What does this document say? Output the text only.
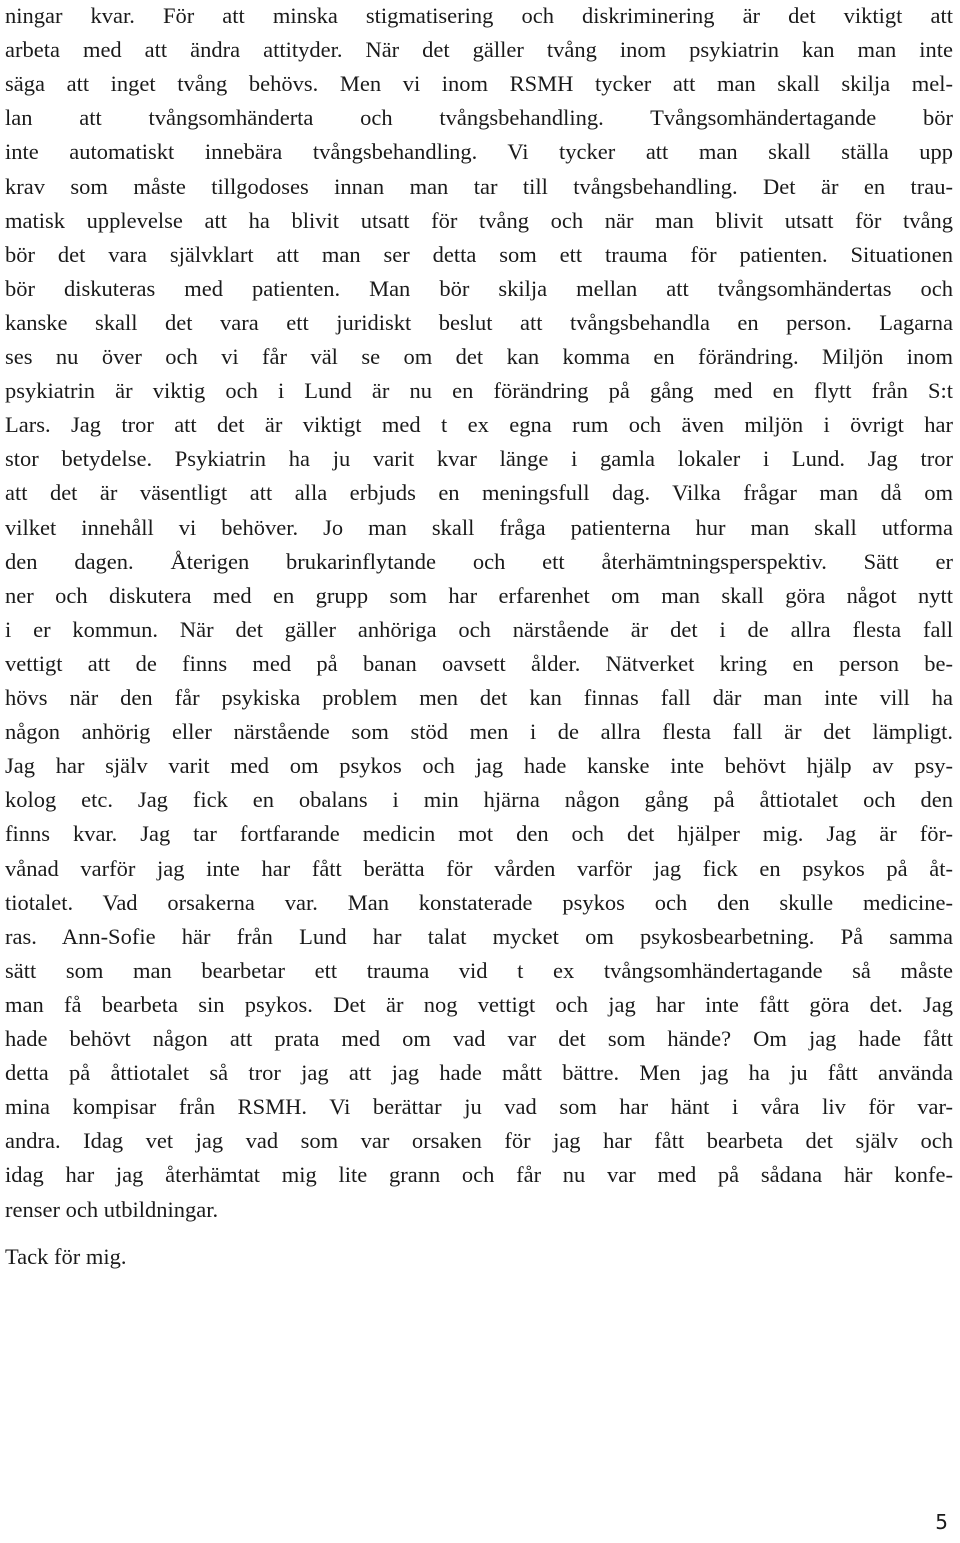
ningar kvar. För att minska stigmatisering och diskriminering är det viktigt att
arbeta med att ändra attityder. När det gäller tvång inom psykiatrin kan man inte
säga att inget tvång behövs. Men vi inom RSMH tycker att man skall skilja mel-
lan att tvångsomhänderta och tvångsbehandling. Tvångsomhändertagande bör
inte automatiskt innebära tvångsbehandling. Vi tycker att man skall ställa upp
krav som måste tillgodoses innan man tar till tvångsbehandling. Det är en trau-
matisk upplevelse att ha blivit utsatt för tvång och när man blivit utsatt för tvång
bör det vara självklart att man ser detta som ett trauma för patienten. Situationen
bör diskuteras med patienten. Man bör skilja mellan att tvångsomhändertas och
kanske skall det vara ett juridiskt beslut att tvångsbehandla en person. Lagarna
ses nu över och vi får väl se om det kan komma en förändring. Miljön inom
psykiatrin är viktig och i Lund är nu en förändring på gång med en flytt från S:t
Lars. Jag tror att det är viktigt med t ex egna rum och även miljön i övrigt har
stor betydelse. Psykiatrin ha ju varit kvar länge i gamla lokaler i Lund. Jag tror
att det är väsentligt att alla erbjuds en meningsfull dag. Vilka frågar man då om
vilket innehåll vi behöver. Jo man skall fråga patienterna hur man skall utforma
den dagen. Återigen brukarinflytande och ett återhämtningsperspektiv. Sätt er
ner och diskutera med en grupp som har erfarenhet om man skall göra något nytt
i er kommun. När det gäller anhöriga och närstående är det i de allra flesta fall
vettigt att de finns med på banan oavsett ålder. Nätverket kring en person be-
hövs när den får psykiska problem men det kan finnas fall där man inte vill ha
någon anhörig eller närstående som stöd men i de allra flesta fall är det lämpligt.
Jag har själv varit med om psykos och jag hade kanske inte behövt hjälp av psy-
kolog etc. Jag fick en obalans i min hjärna någon gång på åttiotalet och den
finns kvar. Jag tar fortfarande medicin mot den och det hjälper mig. Jag är för-
vånad varför jag inte har fått berätta för vården varför jag fick en psykos på åt-
tiotalet. Vad orsakerna var. Man konstaterade psykos och den skulle medicine-
ras. Ann-Sofie här från Lund har talat mycket om psykosbearbetning. På samma
sätt som man bearbetar ett trauma vid t ex tvångsomhändertagande så måste
man få bearbeta sin psykos. Det är nog vettigt och jag har inte fått göra det. Jag
hade behövt någon att prata med om vad var det som hände? Om jag hade fått
detta på åttiotalet så tror jag att jag hade mått bättre. Men jag ha ju fått använda
mina kompisar från RSMH. Vi berättar ju vad som har hänt i våra liv för var-
andra. Idag vet jag vad som var orsaken för jag har fått bearbeta det själv och
idag har jag återhämtat mig lite grann och får nu var med på sådana här konfe-
renser och utbildningar.
Tack för mig.
5
